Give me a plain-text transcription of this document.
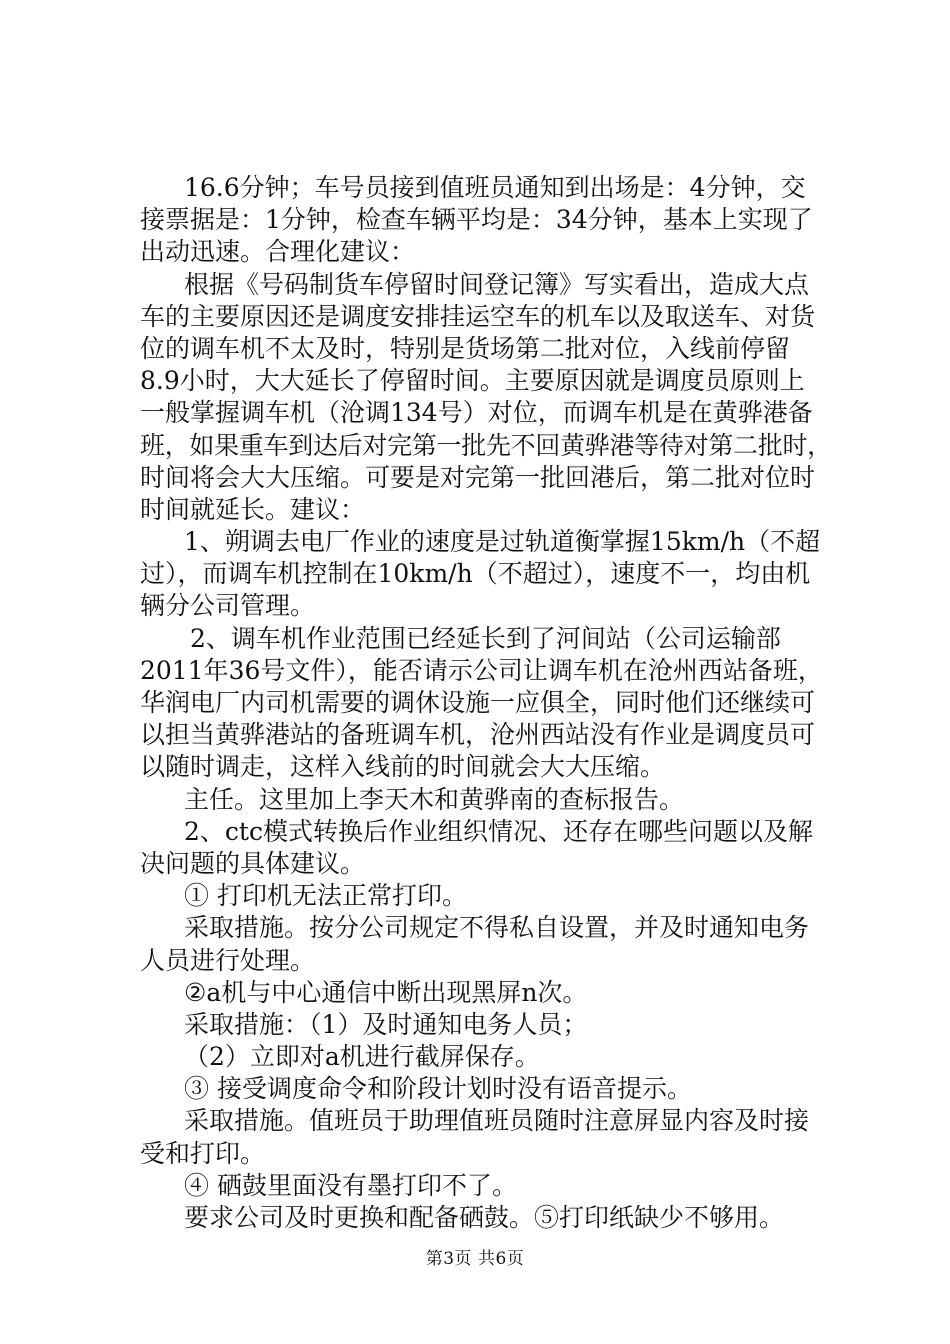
16.6分钟；车号员接到值班员通知到出场是：4分钟，交
接票据是：1分钟，检查车辆平均是：34分钟，基本上实现了
出动迅速。合理化建议：
根据《号码制货车停留时间登记簿》写实看出，造成大点
车的主要原因还是调度安排挂运空车的机车以及取送车、对货
位的调车机不太及时，特别是货场第二批对位，入线前停留
8.9小时，大大延长了停留时间。主要原因就是调度员原则上
一般掌握调车机（沧调134号）对位，而调车机是在黄骅港备
班，如果重车到达后对完第一批先不回黄骅港等待对第二批时，
时间将会大大压缩。可要是对完第一批回港后，第二批对位时
时间就延长。建议：
1、朔调去电厂作业的速度是过轨道衡掌握15km/h（不超
过），而调车机控制在10km/h（不超过），速度不一，均由机
辆分公司管理。
2、调车机作业范围已经延长到了河间站（公司运输部
2011年36号文件），能否请示公司让调车机在沧州西站备班，
华润电厂内司机需要的调休设施一应俱全，同时他们还继续可
以担当黄骅港站的备班调车机，沧州西站没有作业是调度员可
以随时调走，这样入线前的时间就会大大压缩。
主任。这里加上李天木和黄骅南的查标报告。
2、ctc模式转换后作业组织情况、还存在哪些问题以及解
决问题的具体建议。
① 打印机无法正常打印。
采取措施。按分公司规定不得私自设置，并及时通知电务
人员进行处理。
②a机与中心通信中断出现黑屏n次。
采取措施：（1）及时通知电务人员；
（2）立即对a机进行截屏保存。
③ 接受调度命令和阶段计划时没有语音提示。
采取措施。值班员于助理值班员随时注意屏显内容及时接
受和打印。
④ 硒鼓里面没有墨打印不了。
要求公司及时更换和配备硒鼓。⑤打印纸缺少不够用。
第3页 共6页
